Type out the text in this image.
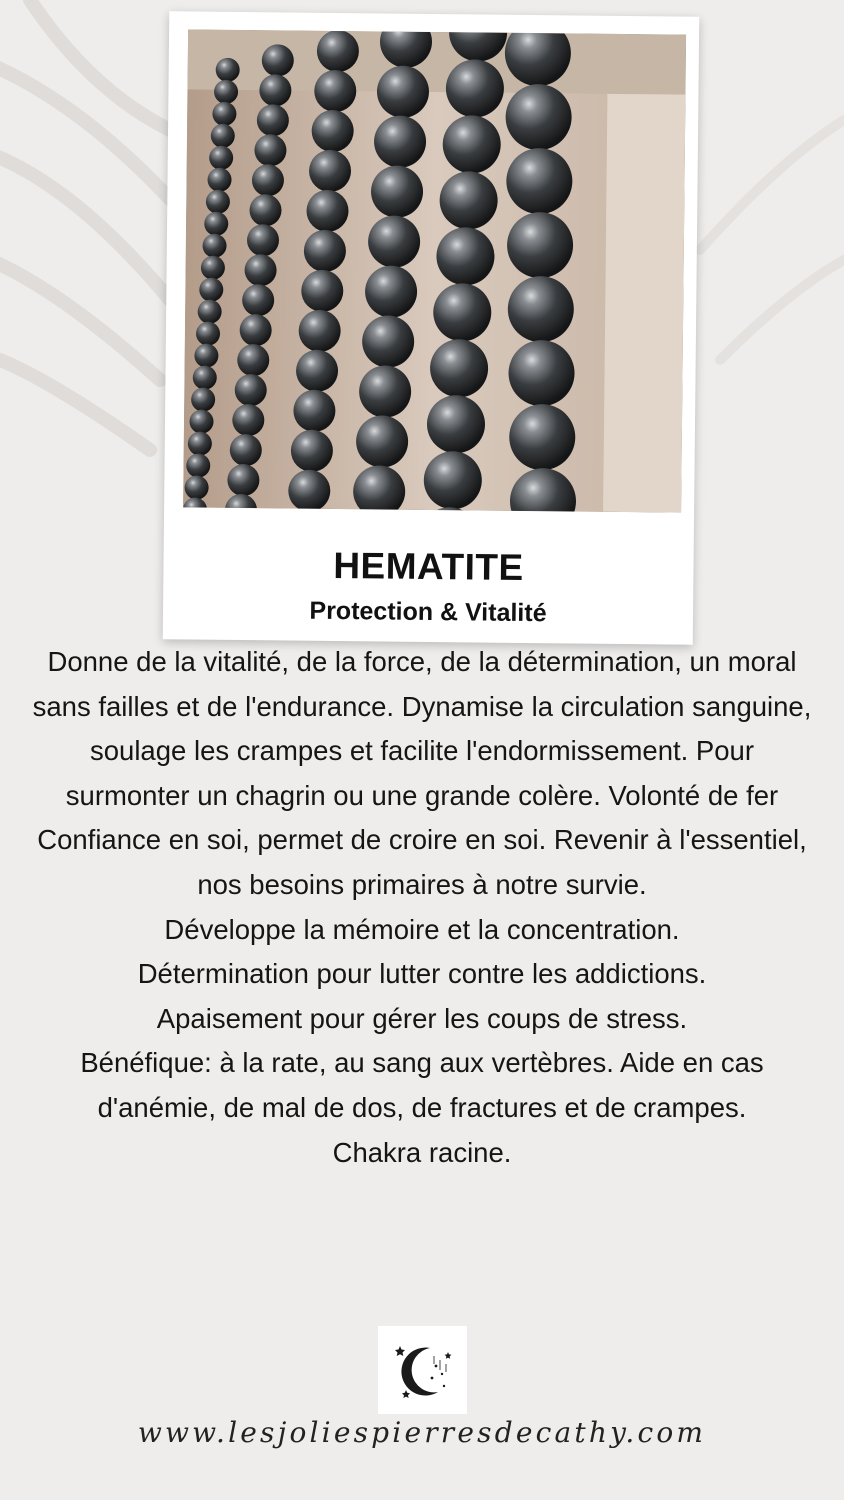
HEMATITE
Protection & Vitalité

Donne de la vitalité, de la force, de la détermination, un moral sans failles et de l'endurance. Dynamise la circulation sanguine, soulage les crampes et facilite l'endormissement. Pour surmonter un chagrin ou une grande colère. Volonté de fer Confiance en soi, permet de croire en soi. Revenir à l'essentiel, nos besoins primaires à notre survie.

Développe la mémoire et la concentration.

Détermination pour lutter contre les addictions.

Apaisement pour gérer les coups de stress.

Bénéfique: à la rate, au sang aux vertèbres. Aide en cas d'anémie, de mal de dos, de fractures et de crampes.

Chakra racine.

www.lesjoliespierresdecathy.com
